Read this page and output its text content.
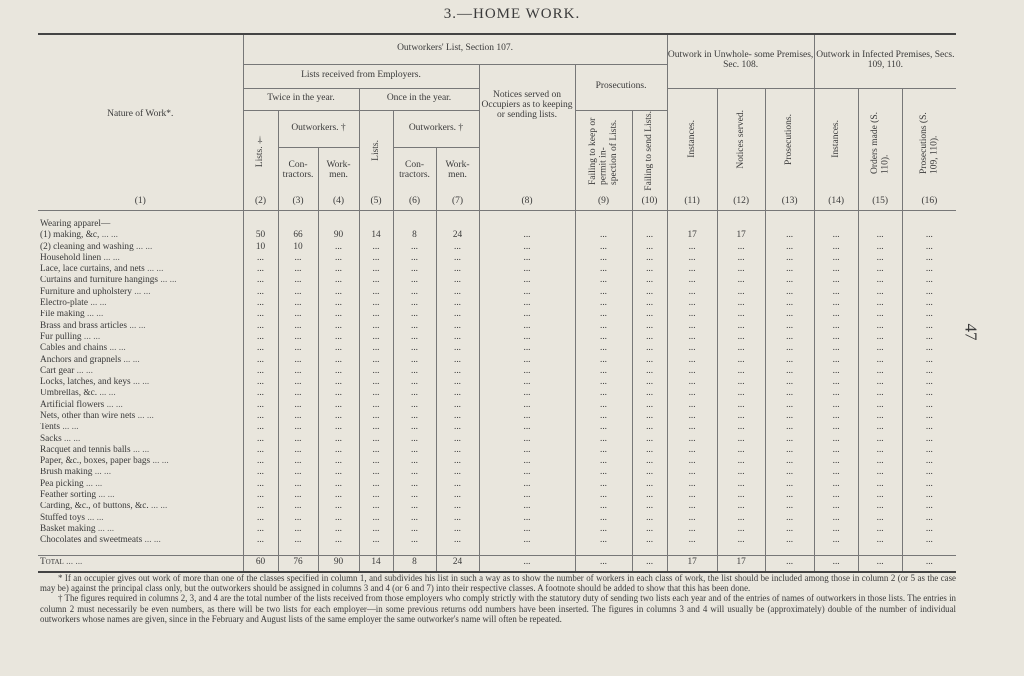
3.—HOME WORK.
47
Nature of Work*.	Outworkers' List, Section 107.									Outwork in Unwhole- some Premises, Sec. 108.			Outwork in Infected Premises, Secs. 109, 110.		
	Lists received from Employers.						Notices served on Occupiers as to keeping or sending lists.	Prosecutions.							
	Twice in the year.			Once in the year.						Instances.	Notices served.	Prosecutions.	Instances.	Orders made (S. 110).	Prosecutions (S. 109, 110).
	Lists. †	Outworkers. †		Lists.	Outworkers. †			Failing to keep or permit in- spection of Lists.	Failing to send Lists.						
		Con- tractors.	Work- men.		Con- tractors.	Work- men.									
(1)	(2)	(3)	(4)	(5)	(6)	(7)	(8)	(9)	(10)	(11)	(12)	(13)	(14)	(15)	(16)

Wearing apparel—															
(1) making, &c, ... ...	50	66	90	14	8	24	...	...	...	17	17	...	...	...	...
(2) cleaning and washing ... ...	10	10	...	...	...	...	...	...	...	...	...	...	...	...	...
Household linen ... ...	...	...	...	...	...	...	...	...	...	...	...	...	...	...	...
Lace, lace curtains, and nets ... ...	...	...	...	...	...	...	...	...	...	...	...	...	...	...	...
Curtains and furniture hangings ... ...	...	...	...	...	...	...	...	...	...	...	...	...	...	...	...
Furniture and upholstery ... ...	...	...	...	...	...	...	...	...	...	...	...	...	...	...	...
Electro-plate ... ...	...	...	...	...	...	...	...	...	...	...	...	...	...	...	...
File making ... ...	...	...	...	...	...	...	...	...	...	...	...	...	...	...	...
Brass and brass articles ... ...	...	...	...	...	...	...	...	...	...	...	...	...	...	...	...
Fur pulling ... ...	...	...	...	...	...	...	...	...	...	...	...	...	...	...	...
Cables and chains ... ...	...	...	...	...	...	...	...	...	...	...	...	...	...	...	...
Anchors and grapnels ... ...	...	...	...	...	...	...	...	...	...	...	...	...	...	...	...
Cart gear ... ...	...	...	...	...	...	...	...	...	...	...	...	...	...	...	...
Locks, latches, and keys ... ...	...	...	...	...	...	...	...	...	...	...	...	...	...	...	...
Umbrellas, &c. ... ...	...	...	...	...	...	...	...	...	...	...	...	...	...	...	...
Artificial flowers ... ...	...	...	...	...	...	...	...	...	...	...	...	...	...	...	...
Nets, other than wire nets ... ...	...	...	...	...	...	...	...	...	...	...	...	...	...	...	...
Tents ... ...	...	...	...	...	...	...	...	...	...	...	...	...	...	...	...
Sacks ... ...	...	...	...	...	...	...	...	...	...	...	...	...	...	...	...
Racquet and tennis balls ... ...	...	...	...	...	...	...	...	...	...	...	...	...	...	...	...
Paper, &c., boxes, paper bags ... ...	...	...	...	...	...	...	...	...	...	...	...	...	...	...	...
Brush making ... ...	...	...	...	...	...	...	...	...	...	...	...	...	...	...	...
Pea picking ... ...	...	...	...	...	...	...	...	...	...	...	...	...	...	...	...
Feather sorting ... ...	...	...	...	...	...	...	...	...	...	...	...	...	...	...	...
Carding, &c., of buttons, &c. ... ...	...	...	...	...	...	...	...	...	...	...	...	...	...	...	...
Stuffed toys ... ...	...	...	...	...	...	...	...	...	...	...	...	...	...	...	...
Basket making ... ...	...	...	...	...	...	...	...	...	...	...	...	...	...	...	...
Chocolates and sweetmeats ... ...	...	...	...	...	...	...	...	...	...	...	...	...	...	...	...

Total ... ...	60	76	90	14	8	24	...	...	...	17	17	...	...	...	...

* If an occupier gives out work of more than one of the classes specified in column 1, and subdivides his list in such a way as to show the number of workers in each class of work, the list should be included among those in column 2 (or 5 as the case may be) against the principal class only, but the outworkers should be assigned in columns 3 and 4 (or 6 and 7) into their respective classes. A footnote should be added to show that this has been done.

† The figures required in columns 2, 3, and 4 are the total number of the lists received from those employers who comply strictly with the statutory duty of sending two lists each year and of the entries of names of outworkers in those lists. The entries in column 2 must necessarily be even numbers, as there will be two lists for each employer—in some previous returns odd numbers have been inserted. The figures in columns 3 and 4 will usually be (approximately) double of the number of individual outworkers whose names are given, since in the February and August lists of the same employer the same outworker's name will often be repeated.
